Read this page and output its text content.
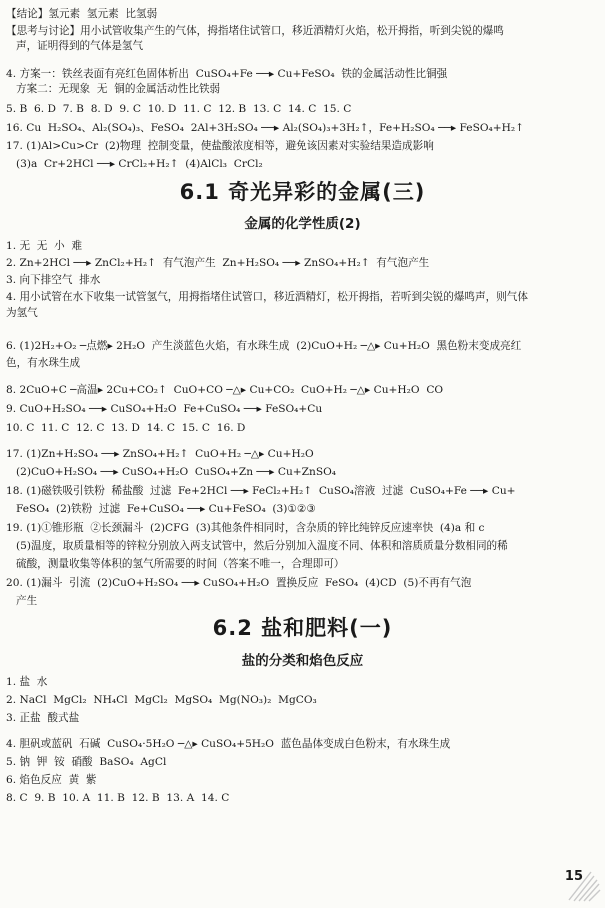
【结论】氢元素  氢元素  比氢弱
【思考与讨论】用小试管收集产生的气体，拇指堵住试管口，移近酒精灯火焰，松开拇指，听到尖锐的爆鸣
声，证明得到的气体是氢气
4. 方案一：铁丝表面有亮红色固体析出  CuSO₄+Fe ──▸ Cu+FeSO₄  铁的金属活动性比铜强
方案二：无现象  无  铜的金属活动性比铁弱
5. B  6. D  7. B  8. D  9. C  10. D  11. C  12. B  13. C  14. C  15. C
16. Cu  H₂SO₄、Al₂(SO₄)₃、FeSO₄  2Al+3H₂SO₄ ──▸ Al₂(SO₄)₃+3H₂↑，Fe+H₂SO₄ ──▸ FeSO₄+H₂↑
17. (1)Al>Cu>Cr  (2)物理  控制变量，使盐酸浓度相等，避免该因素对实验结果造成影响
(3)a  Cr+2HCl ──▸ CrCl₂+H₂↑  (4)AlCl₃  CrCl₂
6.1 奇光异彩的金属(三)
金属的化学性质(2)
1. 无  无  小  难
2. Zn+2HCl ──▸ ZnCl₂+H₂↑  有气泡产生  Zn+H₂SO₄ ──▸ ZnSO₄+H₂↑  有气泡产生
3. 向下排空气  排水
4. 用小试管在水下收集一试管氢气，用拇指堵住试管口，移近酒精灯，松开拇指，若听到尖锐的爆鸣声，则气体
为氢气
6. (1)2H₂+O₂ ─点燃▸ 2H₂O  产生淡蓝色火焰，有水珠生成  (2)CuO+H₂ ─△▸ Cu+H₂O  黑色粉末变成亮红
色，有水珠生成
8. 2CuO+C ─高温▸ 2Cu+CO₂↑  CuO+CO ─△▸ Cu+CO₂  CuO+H₂ ─△▸ Cu+H₂O  CO
9. CuO+H₂SO₄ ──▸ CuSO₄+H₂O  Fe+CuSO₄ ──▸ FeSO₄+Cu
10. C  11. C  12. C  13. D  14. C  15. C  16. D
17. (1)Zn+H₂SO₄ ──▸ ZnSO₄+H₂↑  CuO+H₂ ─△▸ Cu+H₂O
(2)CuO+H₂SO₄ ──▸ CuSO₄+H₂O  CuSO₄+Zn ──▸ Cu+ZnSO₄
18. (1)磁铁吸引铁粉  稀盐酸  过滤  Fe+2HCl ──▸ FeCl₂+H₂↑  CuSO₄溶液  过滤  CuSO₄+Fe ──▸ Cu+
FeSO₄  (2)铁粉  过滤  Fe+CuSO₄ ──▸ Cu+FeSO₄  (3)①②③
19. (1)①锥形瓶  ②长颈漏斗  (2)CFG  (3)其他条件相同时，含杂质的锌比纯锌反应速率快  (4)a 和 c
(5)温度，取质量相等的锌粒分别放入两支试管中，然后分别加入温度不同、体积和溶质质量分数相同的稀
硫酸，测量收集等体积的氢气所需要的时间（答案不唯一，合理即可）
20. (1)漏斗  引流  (2)CuO+H₂SO₄ ──▸ CuSO₄+H₂O  置换反应  FeSO₄  (4)CD  (5)不再有气泡
产生
6.2 盐和肥料(一)
盐的分类和焰色反应
1. 盐  水
2. NaCl  MgCl₂  NH₄Cl  MgCl₂  MgSO₄  Mg(NO₃)₂  MgCO₃
3. 正盐  酸式盐
4. 胆矾或蓝矾  石碱  CuSO₄·5H₂O ─△▸ CuSO₄+5H₂O  蓝色晶体变成白色粉末，有水珠生成
5. 钠  钾  铵  硝酸  BaSO₄  AgCl
6. 焰色反应  黄  紫
8. C  9. B  10. A  11. B  12. B  13. A  14. C
15
